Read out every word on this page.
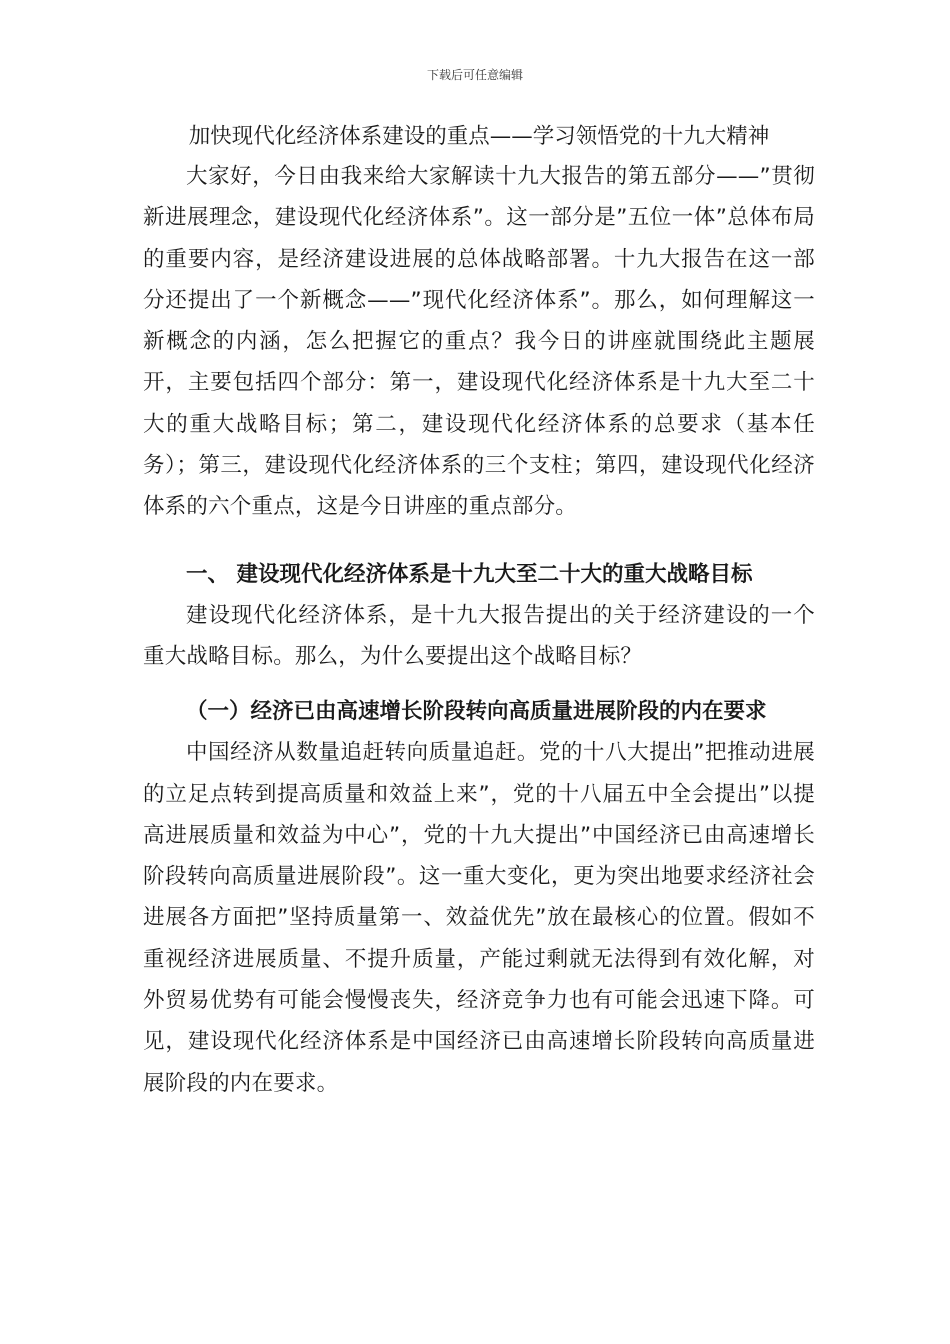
下载后可任意编辑
加快现代化经济体系建设的重点——学习领悟党的十九大精神

大家好，今日由我来给大家解读十九大报告的第五部分——”贯彻新进展理念，建设现代化经济体系”。这一部分是”五位一体”总体布局的重要内容，是经济建设进展的总体战略部署。十九大报告在这一部分还提出了一个新概念——”现代化经济体系”。那么，如何理解这一新概念的内涵，怎么把握它的重点？我今日的讲座就围绕此主题展开，主要包括四个部分：第一，建设现代化经济体系是十九大至二十大的重大战略目标；第二，建设现代化经济体系的总要求（基本任务）；第三，建设现代化经济体系的三个支柱；第四，建设现代化经济体系的六个重点，这是今日讲座的重点部分。

一、 建设现代化经济体系是十九大至二十大的重大战略目标

建设现代化经济体系，是十九大报告提出的关于经济建设的一个重大战略目标。那么，为什么要提出这个战略目标？

（一）经济已由高速增长阶段转向高质量进展阶段的内在要求

中国经济从数量追赶转向质量追赶。党的十八大提出”把推动进展的立足点转到提高质量和效益上来”，党的十八届五中全会提出”以提高进展质量和效益为中心”，党的十九大提出”中国经济已由高速增长阶段转向高质量进展阶段”。这一重大变化，更为突出地要求经济社会进展各方面把”坚持质量第一、效益优先”放在最核心的位置。假如不重视经济进展质量、不提升质量，产能过剩就无法得到有效化解，对外贸易优势有可能会慢慢丧失，经济竞争力也有可能会迅速下降。可见，建设现代化经济体系是中国经济已由高速增长阶段转向高质量进展阶段的内在要求。
